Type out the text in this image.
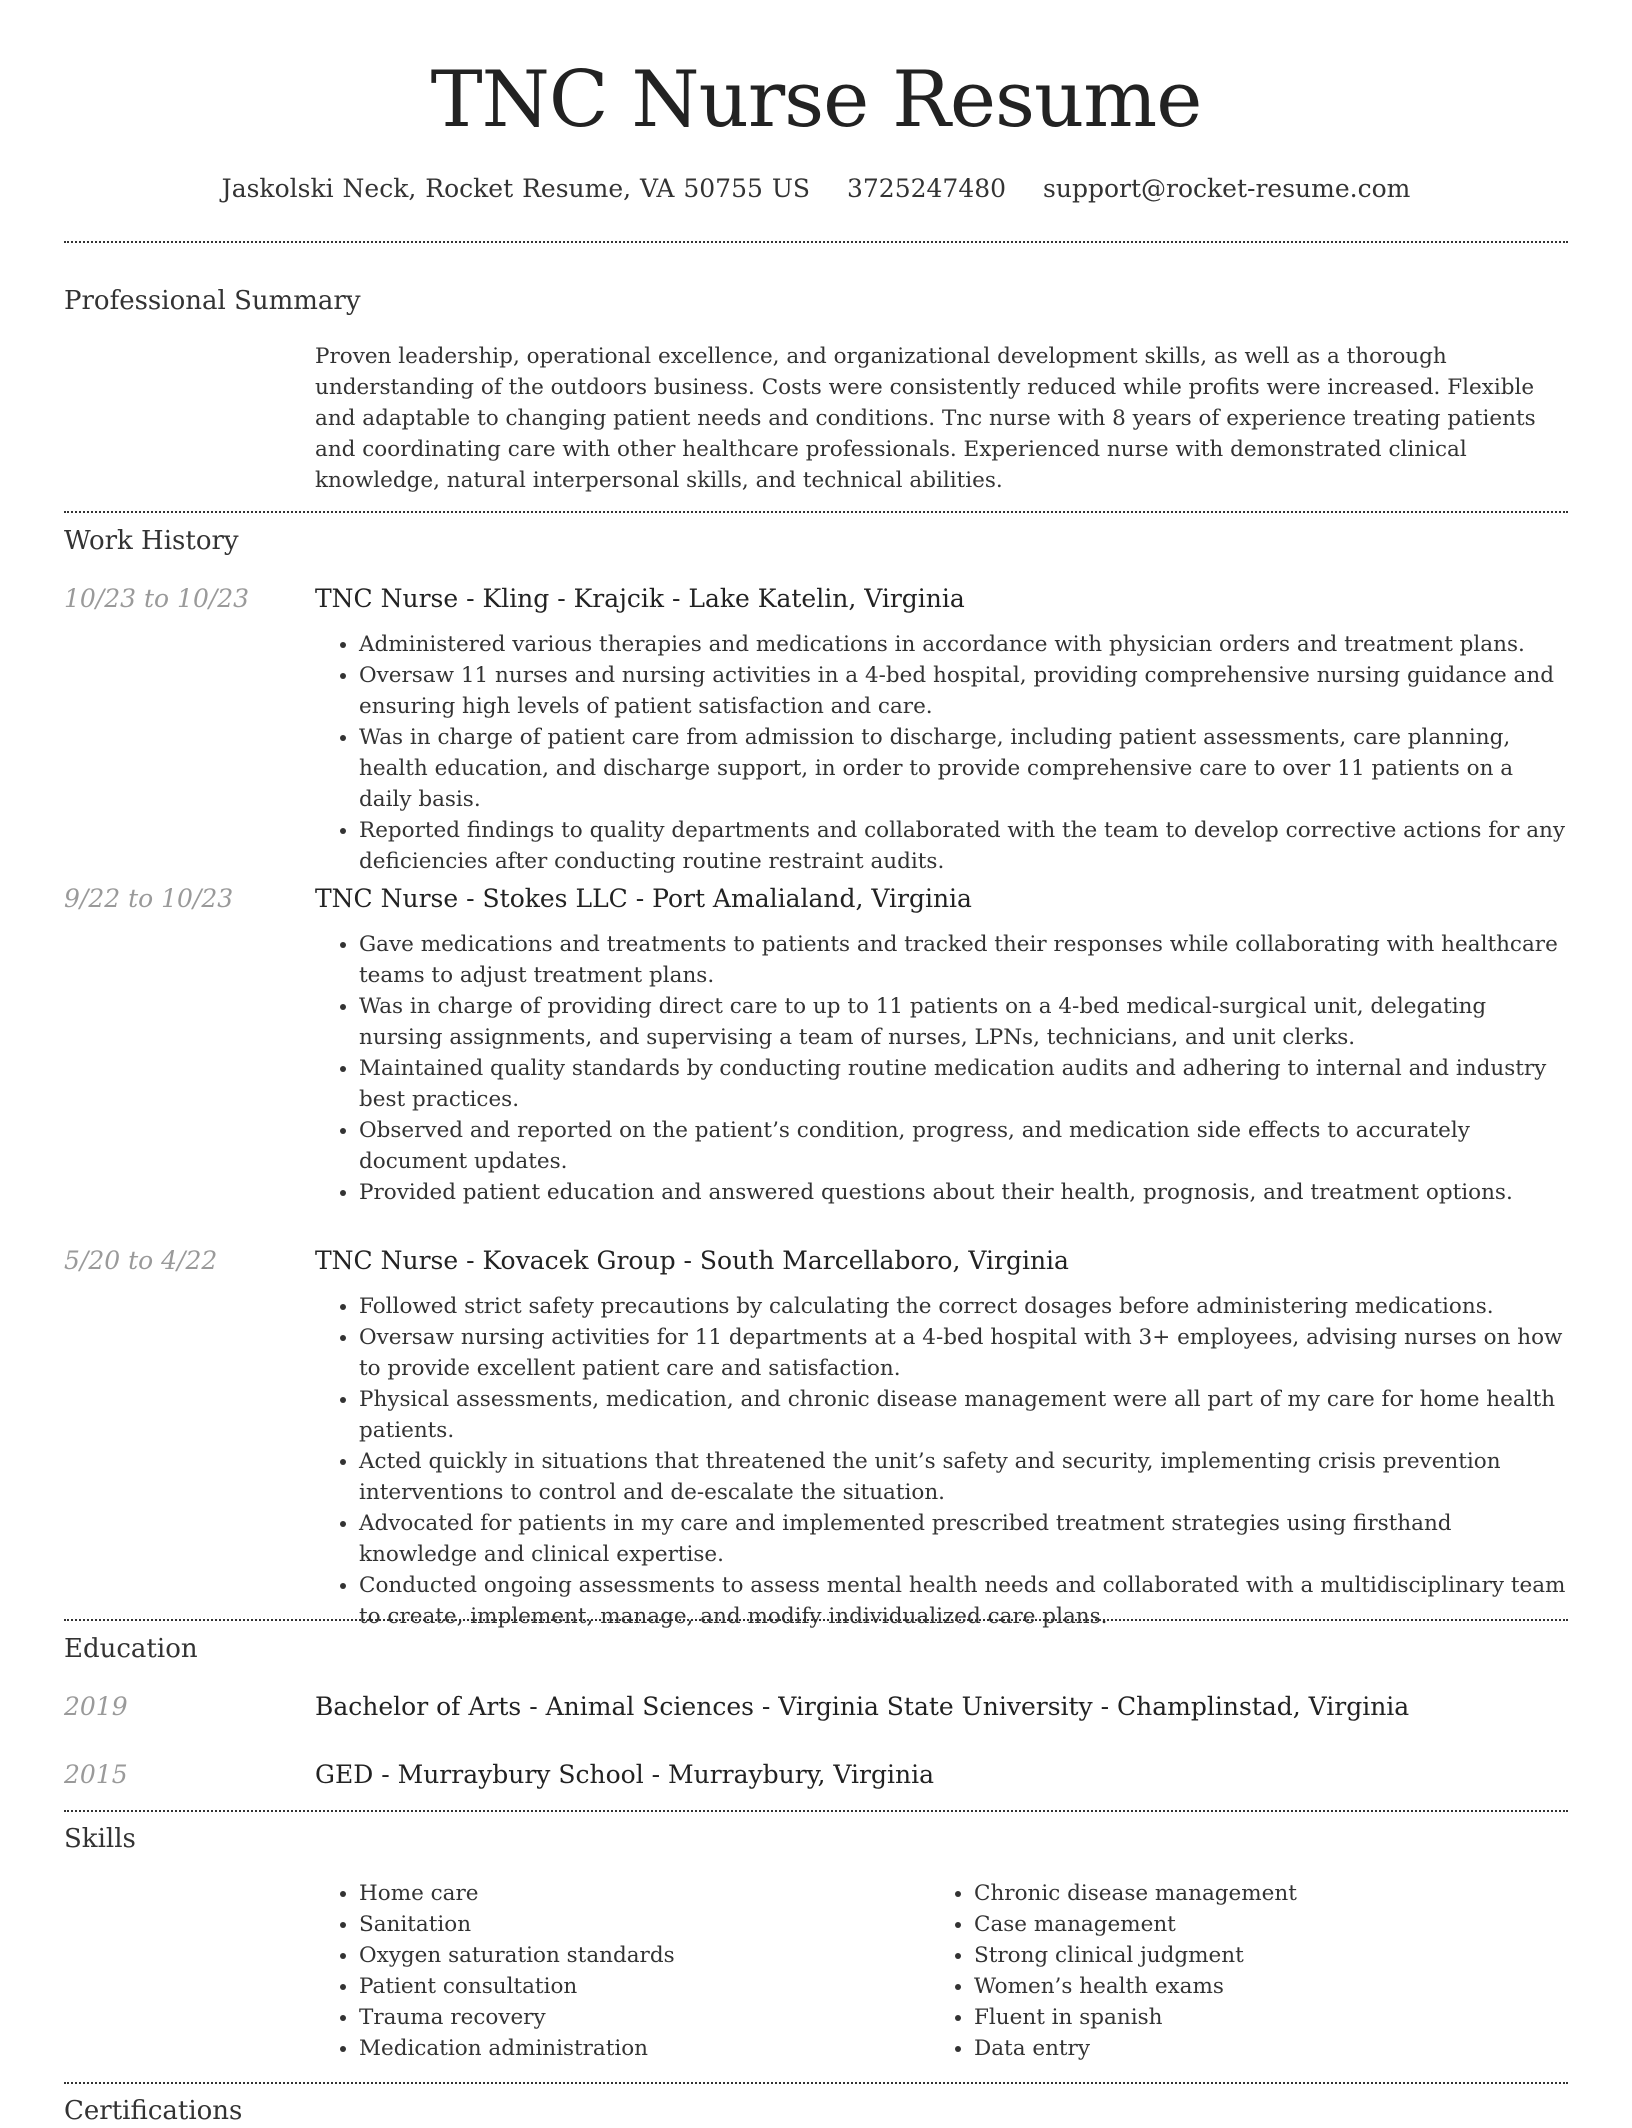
TNC Nurse Resume
Jaskolski Neck, Rocket Resume, VA 50755 US 3725247480 support@rocket-resume.com
Professional Summary

Proven leadership, operational excellence, and organizational development skills, as well as a thorough understanding of the outdoors business. Costs were consistently reduced while profits were increased. Flexible and adaptable to changing patient needs and conditions. Tnc nurse with 8 years of experience treating patients and coordinating care with other healthcare professionals. Experienced nurse with demonstrated clinical knowledge, natural interpersonal skills, and technical abilities.

Work History
10/23 to 10/23	TNC Nurse - Kling - Krajcik - Lake Katelin, Virginia

• Administered various therapies and medications in accordance with physician orders and treatment plans.
• Oversaw 11 nurses and nursing activities in a 4-bed hospital, providing comprehensive nursing guidance and ensuring high levels of patient satisfaction and care.
• Was in charge of patient care from admission to discharge, including patient assessments, care planning, health education, and discharge support, in order to provide comprehensive care to over 11 patients on a daily basis.
• Reported findings to quality departments and collaborated with the team to develop corrective actions for any deficiencies after conducting routine restraint audits.
9/22 to 10/23	TNC Nurse - Stokes LLC - Port Amalialand, Virginia

• Gave medications and treatments to patients and tracked their responses while collaborating with healthcare teams to adjust treatment plans.
• Was in charge of providing direct care to up to 11 patients on a 4-bed medical-surgical unit, delegating nursing assignments, and supervising a team of nurses, LPNs, technicians, and unit clerks.
• Maintained quality standards by conducting routine medication audits and adhering to internal and industry best practices.
• Observed and reported on the patient’s condition, progress, and medication side effects to accurately document updates.
• Provided patient education and answered questions about their health, prognosis, and treatment options.
5/20 to 4/22	TNC Nurse - Kovacek Group - South Marcellaboro, Virginia

• Followed strict safety precautions by calculating the correct dosages before administering medications.
• Oversaw nursing activities for 11 departments at a 4-bed hospital with 3+ employees, advising nurses on how to provide excellent patient care and satisfaction.
• Physical assessments, medication, and chronic disease management were all part of my care for home health patients.
• Acted quickly in situations that threatened the unit’s safety and security, implementing crisis prevention interventions to control and de-escalate the situation.
• Advocated for patients in my care and implemented prescribed treatment strategies using firsthand knowledge and clinical expertise.
• Conducted ongoing assessments to assess mental health needs and collaborated with a multidisciplinary team to create, implement, manage, and modify individualized care plans.
Education
2019	Bachelor of Arts - Animal Sciences - Virginia State University - Champlinstad, Virginia
2015	GED - Murraybury School - Murraybury, Virginia
Skills
• Home care
• Sanitation
• Oxygen saturation standards
• Patient consultation
• Trauma recovery
• Medication administration
• Chronic disease management
• Case management
• Strong clinical judgment
• Women’s health exams
• Fluent in spanish
• Data entry
Certifications
